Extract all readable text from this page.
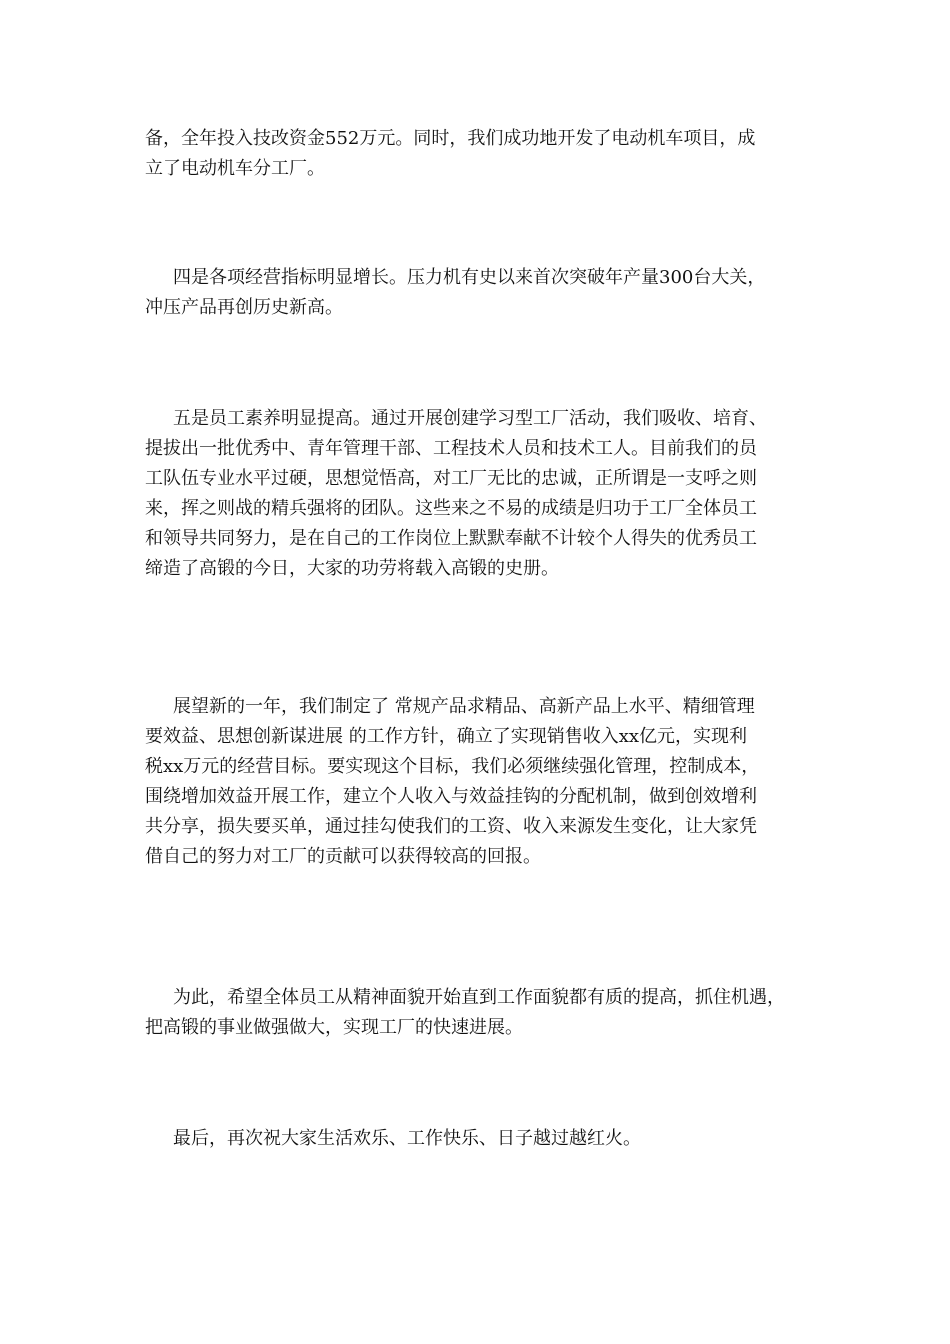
备，全年投入技改资金552万元。同时，我们成功地开发了电动机车项目，成
立了电动机车分工厂。
四是各项经营指标明显增长。压力机有史以来首次突破年产量300台大关，
冲压产品再创历史新高。
五是员工素养明显提高。通过开展创建学习型工厂活动，我们吸收、培育、
提拔出一批优秀中、青年管理干部、工程技术人员和技术工人。目前我们的员
工队伍专业水平过硬，思想觉悟高，对工厂无比的忠诚，正所谓是一支呼之则
来，挥之则战的精兵强将的团队。这些来之不易的成绩是归功于工厂全体员工
和领导共同努力，是在自己的工作岗位上默默奉献不计较个人得失的优秀员工
缔造了高锻的今日，大家的功劳将载入高锻的史册。
展望新的一年，我们制定了 常规产品求精品、高新产品上水平、精细管理
要效益、思想创新谋进展 的工作方针，确立了实现销售收入xx亿元，实现利
税xx万元的经营目标。要实现这个目标，我们必须继续强化管理，控制成本，
围绕增加效益开展工作，建立个人收入与效益挂钩的分配机制，做到创效增利
共分享，损失要买单，通过挂勾使我们的工资、收入来源发生变化，让大家凭
借自己的努力对工厂的贡献可以获得较高的回报。
为此，希望全体员工从精神面貌开始直到工作面貌都有质的提高，抓住机遇，
把高锻的事业做强做大，实现工厂的快速进展。
最后，再次祝大家生活欢乐、工作快乐、日子越过越红火。
